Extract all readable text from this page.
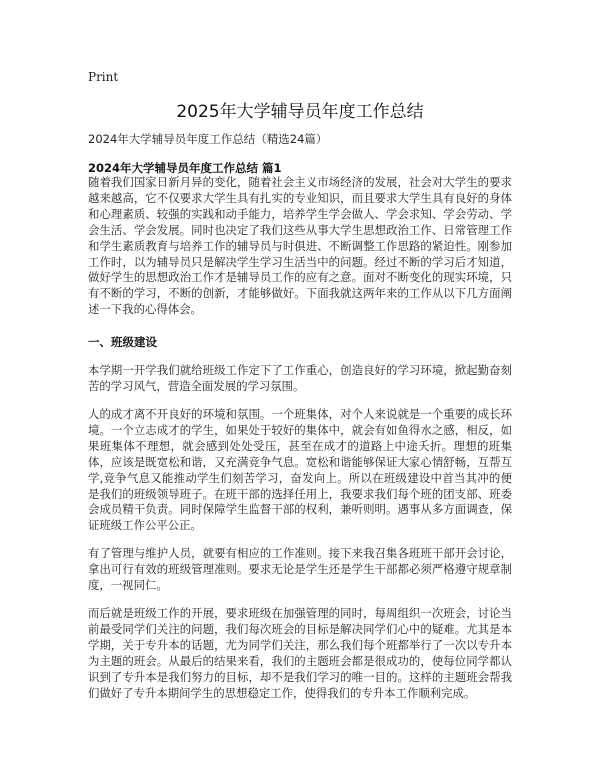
Print
2025年大学辅导员年度工作总结
2024年大学辅导员年度工作总结（精选24篇）
2024年大学辅导员年度工作总结 篇1

随着我们国家日新月异的变化，随着社会主义市场经济的发展，社会对大学生的要求越来越高，它不仅要求大学生具有扎实的专业知识，而且要求大学生具有良好的身体和心理素质、较强的实践和动手能力，培养学生学会做人、学会求知、学会劳动、学会生活、学会发展。同时也决定了我们这些从事大学生思想政治工作、日常管理工作和学生素质教育与培养工作的辅导员与时俱进、不断调整工作思路的紧迫性。刚参加工作时，以为辅导员只是解决学生学习生活当中的问题。经过不断的学习后才知道，做好学生的思想政治工作才是辅导员工作的应有之意。面对不断变化的现实环境，只有不断的学习，不断的创新，才能够做好。下面我就这两年来的工作从以下几方面阐述一下我的心得体会。

一、班级建设

本学期一开学我们就给班级工作定下了工作重心，创造良好的学习环境，掀起勤奋刻苦的学习风气，营造全面发展的学习氛围。

人的成才离不开良好的环境和氛围。一个班集体，对个人来说就是一个重要的成长环境。一个立志成才的学生，如果处于较好的集体中，就会有如鱼得水之感，相反，如果班集体不理想，就会感到处处受压，甚至在成才的道路上中途夭折。理想的班集体，应该是既宽松和谐，又充满竞争气息。宽松和谐能够保证大家心情舒畅，互帮互学,竞争气息又能推动学生们刻苦学习，奋发向上。所以在班级建设中首当其冲的便是我们的班级领导班子。在班干部的选择任用上，我要求我们每个班的团支部、班委会成员精干负责。同时保障学生监督干部的权利，兼听则明。遇事从多方面调查，保证班级工作公平公正。

有了管理与维护人员，就要有相应的工作准则。接下来我召集各班班干部开会讨论，拿出可行有效的班级管理准则。要求无论是学生还是学生干部都必须严格遵守规章制度，一视同仁。

而后就是班级工作的开展，要求班级在加强管理的同时，每周组织一次班会，讨论当前最受同学们关注的问题，我们每次班会的目标是解决同学们心中的疑难。尤其是本学期，关于专升本的话题，尤为同学们关注，那么我们每个班都举行了一次以专升本为主题的班会。从最后的结果来看，我们的主题班会都是很成功的，使每位同学都认识到了专升本是我们努力的目标，却不是我们学习的唯一目的。这样的主题班会帮我们做好了专升本期间学生的思想稳定工作，使得我们的专升本工作顺利完成。
